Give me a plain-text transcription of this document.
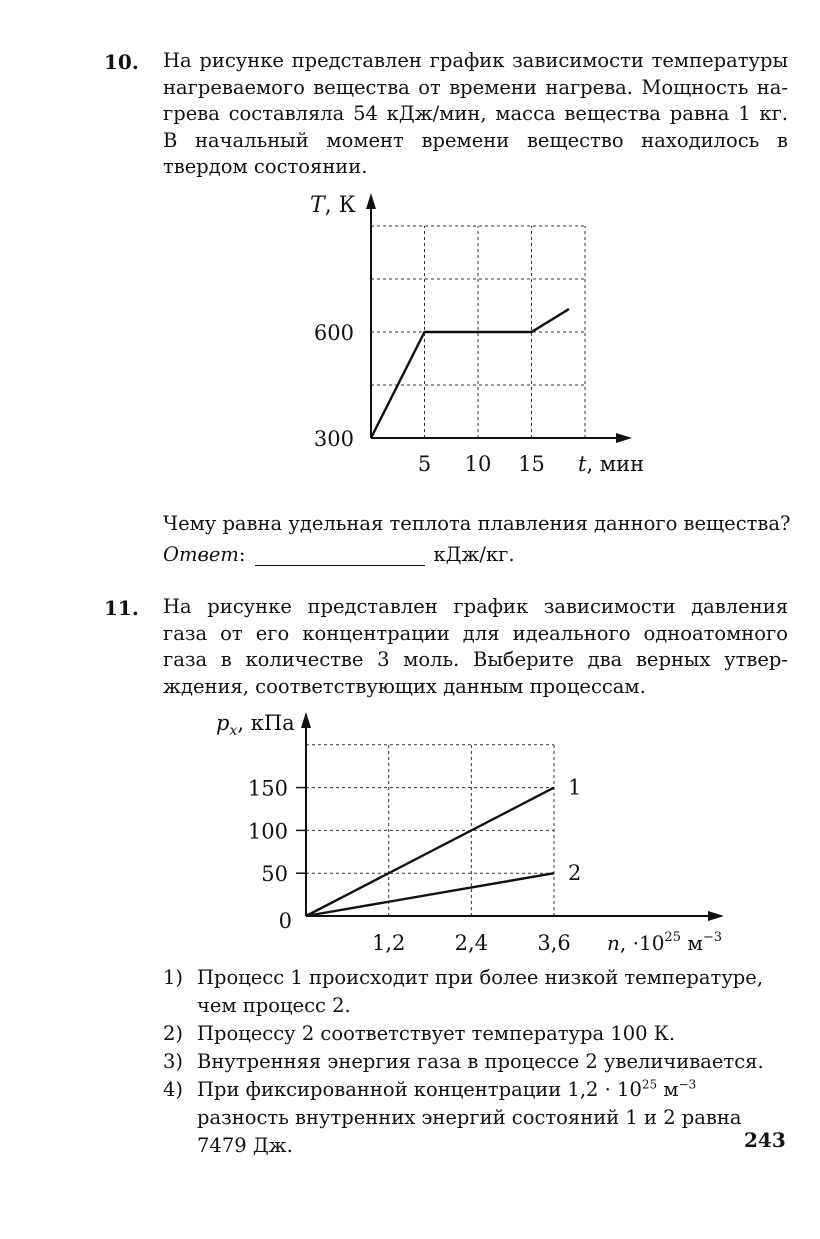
10. На рисунке представлен график зависимости температуры
нагреваемого вещества от времени нагрева. Мощность на-
грева составляла 54 кДж/мин, масса вещества равна 1 кг.
В начальный момент времени вещество находилось в
твердом состоянии.
5 10 15
300
600
T, К
t, мин
Чему равна удельная теплота плавления данного вещества?
Ответ:	кДж/кг.
11. На рисунке представлен график зависимости давления
газа от его концентрации для идеального одноатомного
газа в количестве 3 моль. Выберите два верных утвер-
ждения, соответствующих данным процессам.
1,2 2,4 3,6
0
50
100
150
$p_x$, кПа
n, $\cdot 10^{25}$ $м^{-3}$
1
2
1) Процесс 1 происходит при более низкой температуре, чем процесс 2.
2) Процессу 2 соответствует температура 100 К.
3) Внутренняя энергия газа в процессе 2 увеличивается.
4) При фиксированной концентрации $1,2 \cdot 10^{25}$ $м^{-3}$ разность внутренних энергий состояний 1 и 2 равна 7479 Дж.	243
